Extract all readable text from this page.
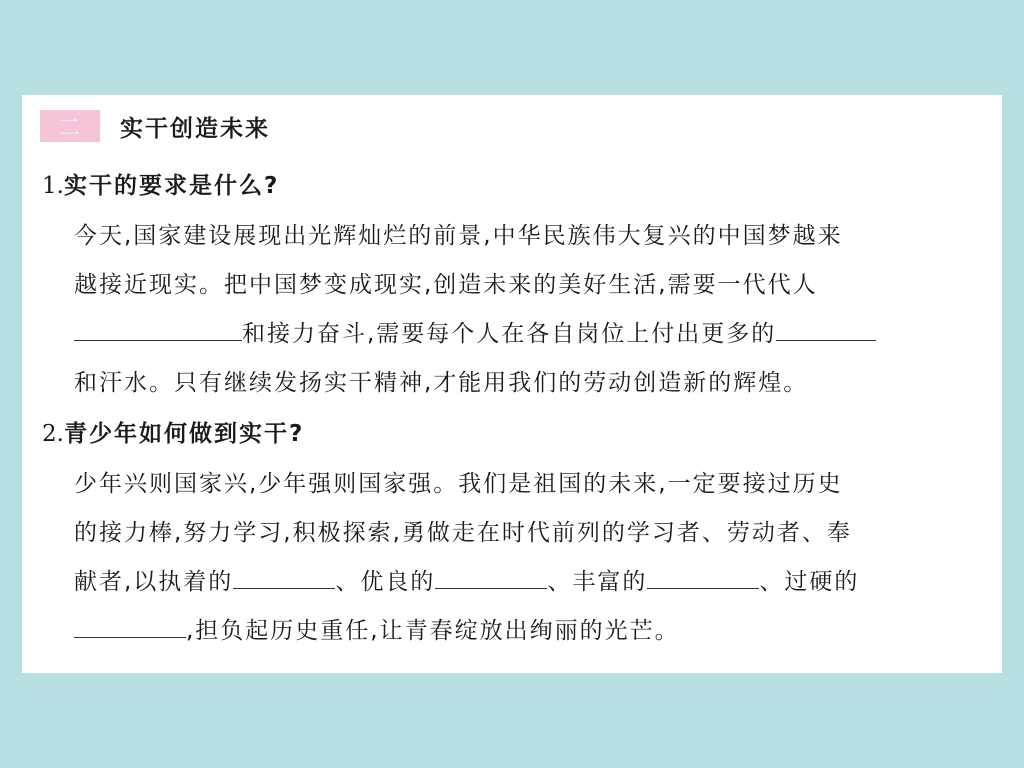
二	实干创造未来
1.实干的要求是什么?
今天,国家建设展现出光辉灿烂的前景,中华民族伟大复兴的中国梦越来
越接近现实。把中国梦变成现实,创造未来的美好生活,需要一代代人
和接力奋斗,需要每个人在各自岗位上付出更多的
和汗水。只有继续发扬实干精神,才能用我们的劳动创造新的辉煌。
2.青少年如何做到实干?
少年兴则国家兴,少年强则国家强。我们是祖国的未来,一定要接过历史
的接力棒,努力学习,积极探索,勇做走在时代前列的学习者、劳动者、奉
献者,以执着的	、优良的	、丰富的	、过硬的
,担负起历史重任,让青春绽放出绚丽的光芒。
